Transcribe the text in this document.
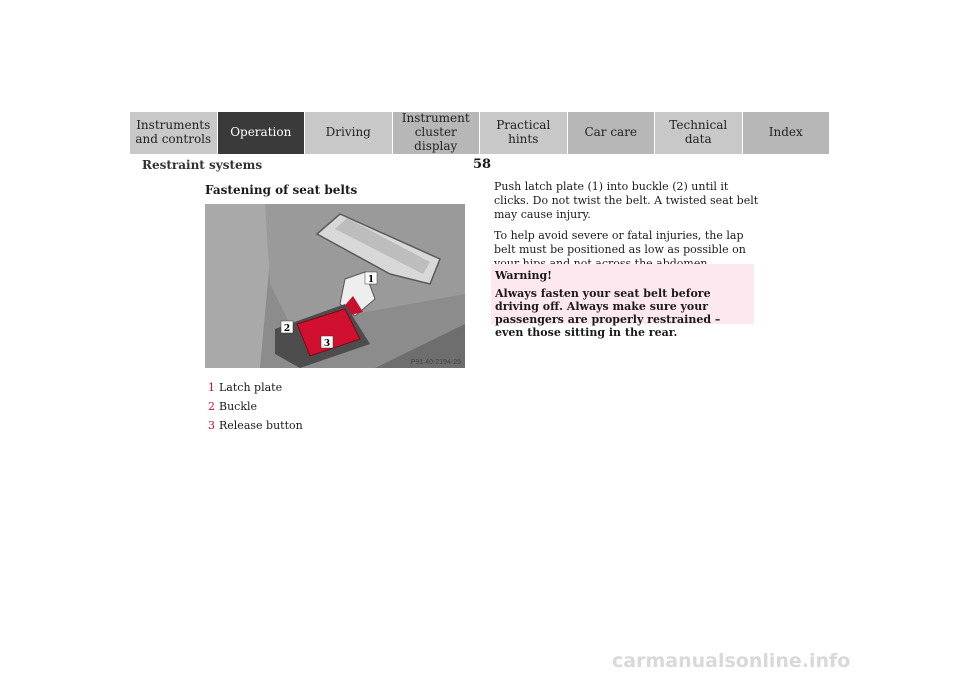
Instruments
and controls	Operation	Driving
Instrument
cluster display
Practical hints	Car care	Technical
data	Index
58
Restraint systems
Fastening of seat belts
1
2
3
P91.40-2194-26
1 Latch plate
2 Buckle
3 Release button

Push latch plate (1) into buckle (2) until it clicks. Do not twist the belt. A twisted seat belt may cause injury.

To help avoid severe or fatal injuries, the lap belt must be positioned as low as possible on

Warning!
Always fasten your seat belt before driving off. Always make sure your passengers are properly restrained – even those sitting in the rear.
carmanualsonline.info
